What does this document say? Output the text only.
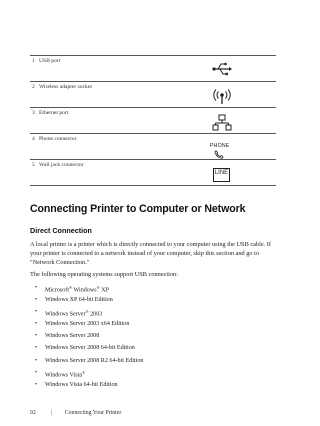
1 USB port
2 Wireless adapter socket
3 Ethernet port
4 Phone connector
PHONE
5 Wall jack connector
LINE
Connecting Printer to Computer or Network
Direct Connection
A local printer is a printer which is directly connected to your computer using the USB cable. If your printer is connected to a network instead of your computer, skip this section and go to "Network Connection."
The following operating systems support USB connection:
• Microsoft® Windows® XP
• Windows XP 64-bit Edition
• Windows Server® 2003
• Windows Server 2003 x64 Edition
• Windows Server 2008
• Windows Server 2008 64-bit Edition
• Windows Server 2008 R2 64-bit Edition
• Windows Vista®
• Windows Vista 64-bit Edition
92	| Connecting Your Printer
